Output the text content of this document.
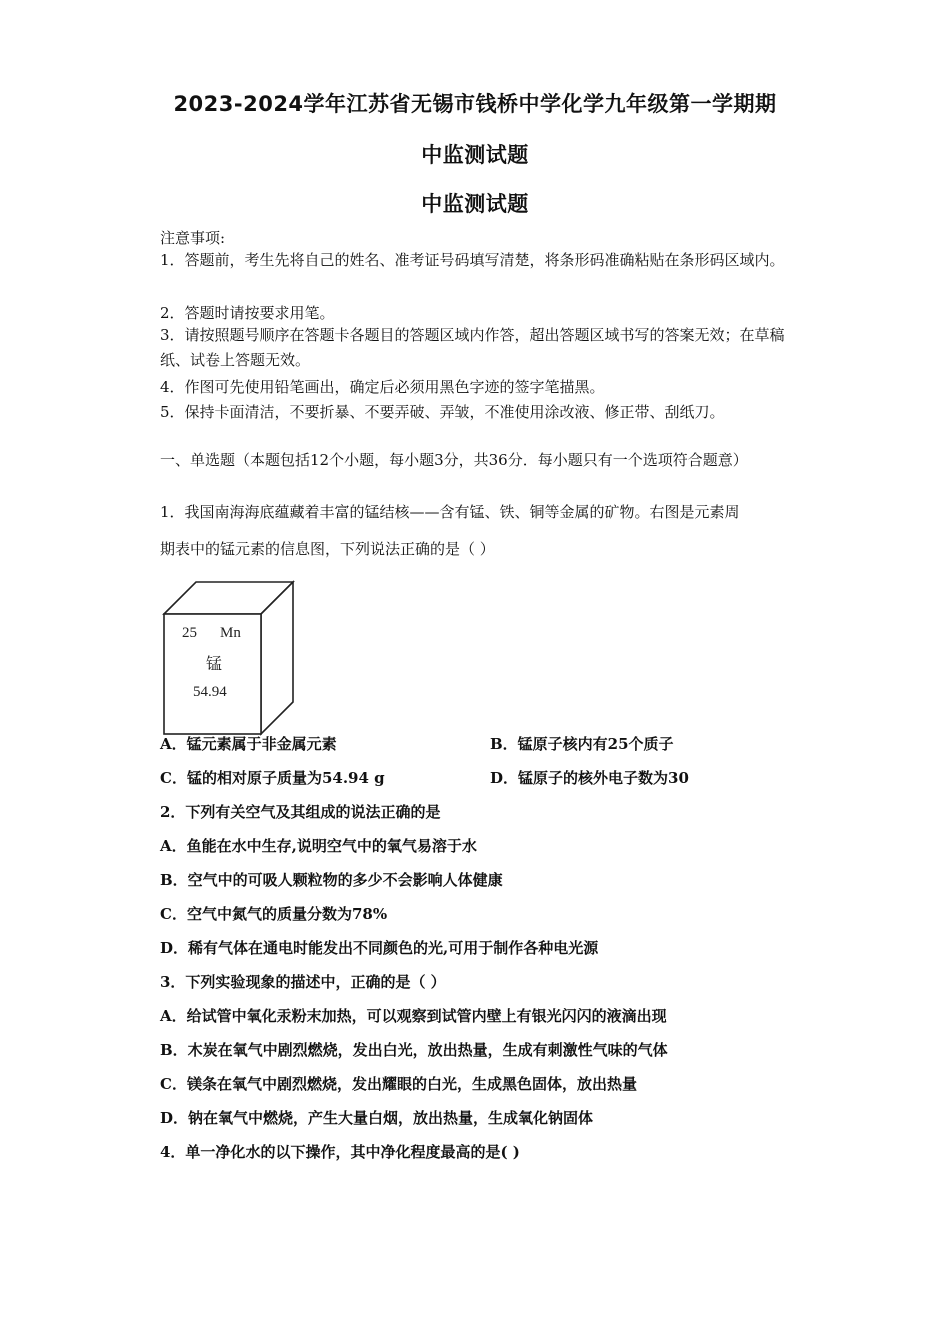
2023-2024学年江苏省无锡市钱桥中学化学九年级第一学期期
中监测试题
中监测试题
注意事项:
1．答题前，考生先将自己的姓名、准考证号码填写清楚，将条形码准确粘贴在条形码区域内。
2．答题时请按要求用笔。
3．请按照题号顺序在答题卡各题目的答题区域内作答，超出答题区域书写的答案无效；在草稿纸、试卷上答题无效。
4．作图可先使用铅笔画出，确定后必须用黑色字迹的签字笔描黑。
5．保持卡面清洁，不要折暴、不要弄破、弄皱，不准使用涂改液、修正带、刮纸刀。
一、单选题（本题包括12个小题，每小题3分，共36分．每小题只有一个选项符合题意）
1．我国南海海底蕴藏着丰富的锰结核——含有锰、铁、铜等金属的矿物。右图是元素周
期表中的锰元素的信息图，下列说法正确的是（ ）
25 Mn
锰
54.94
A．锰元素属于非金属元素	B．锰原子核内有25个质子
C．锰的相对原子质量为54.94 g	D．锰原子的核外电子数为30
2．下列有关空气及其组成的说法正确的是
A．鱼能在水中生存,说明空气中的氧气易溶于水
B．空气中的可吸人颗粒物的多少不会影响人体健康
C．空气中氮气的质量分数为78%
D．稀有气体在通电时能发出不同颜色的光,可用于制作各种电光源
3．下列实验现象的描述中，正确的是（ ）
A．给试管中氧化汞粉末加热，可以观察到试管内壁上有银光闪闪的液滴出现
B．木炭在氧气中剧烈燃烧，发出白光，放出热量，生成有刺激性气味的气体
C．镁条在氧气中剧烈燃烧，发出耀眼的白光，生成黑色固体，放出热量
D．钠在氧气中燃烧，产生大量白烟，放出热量，生成氧化钠固体
4．单一净化水的以下操作，其中净化程度最高的是( )
